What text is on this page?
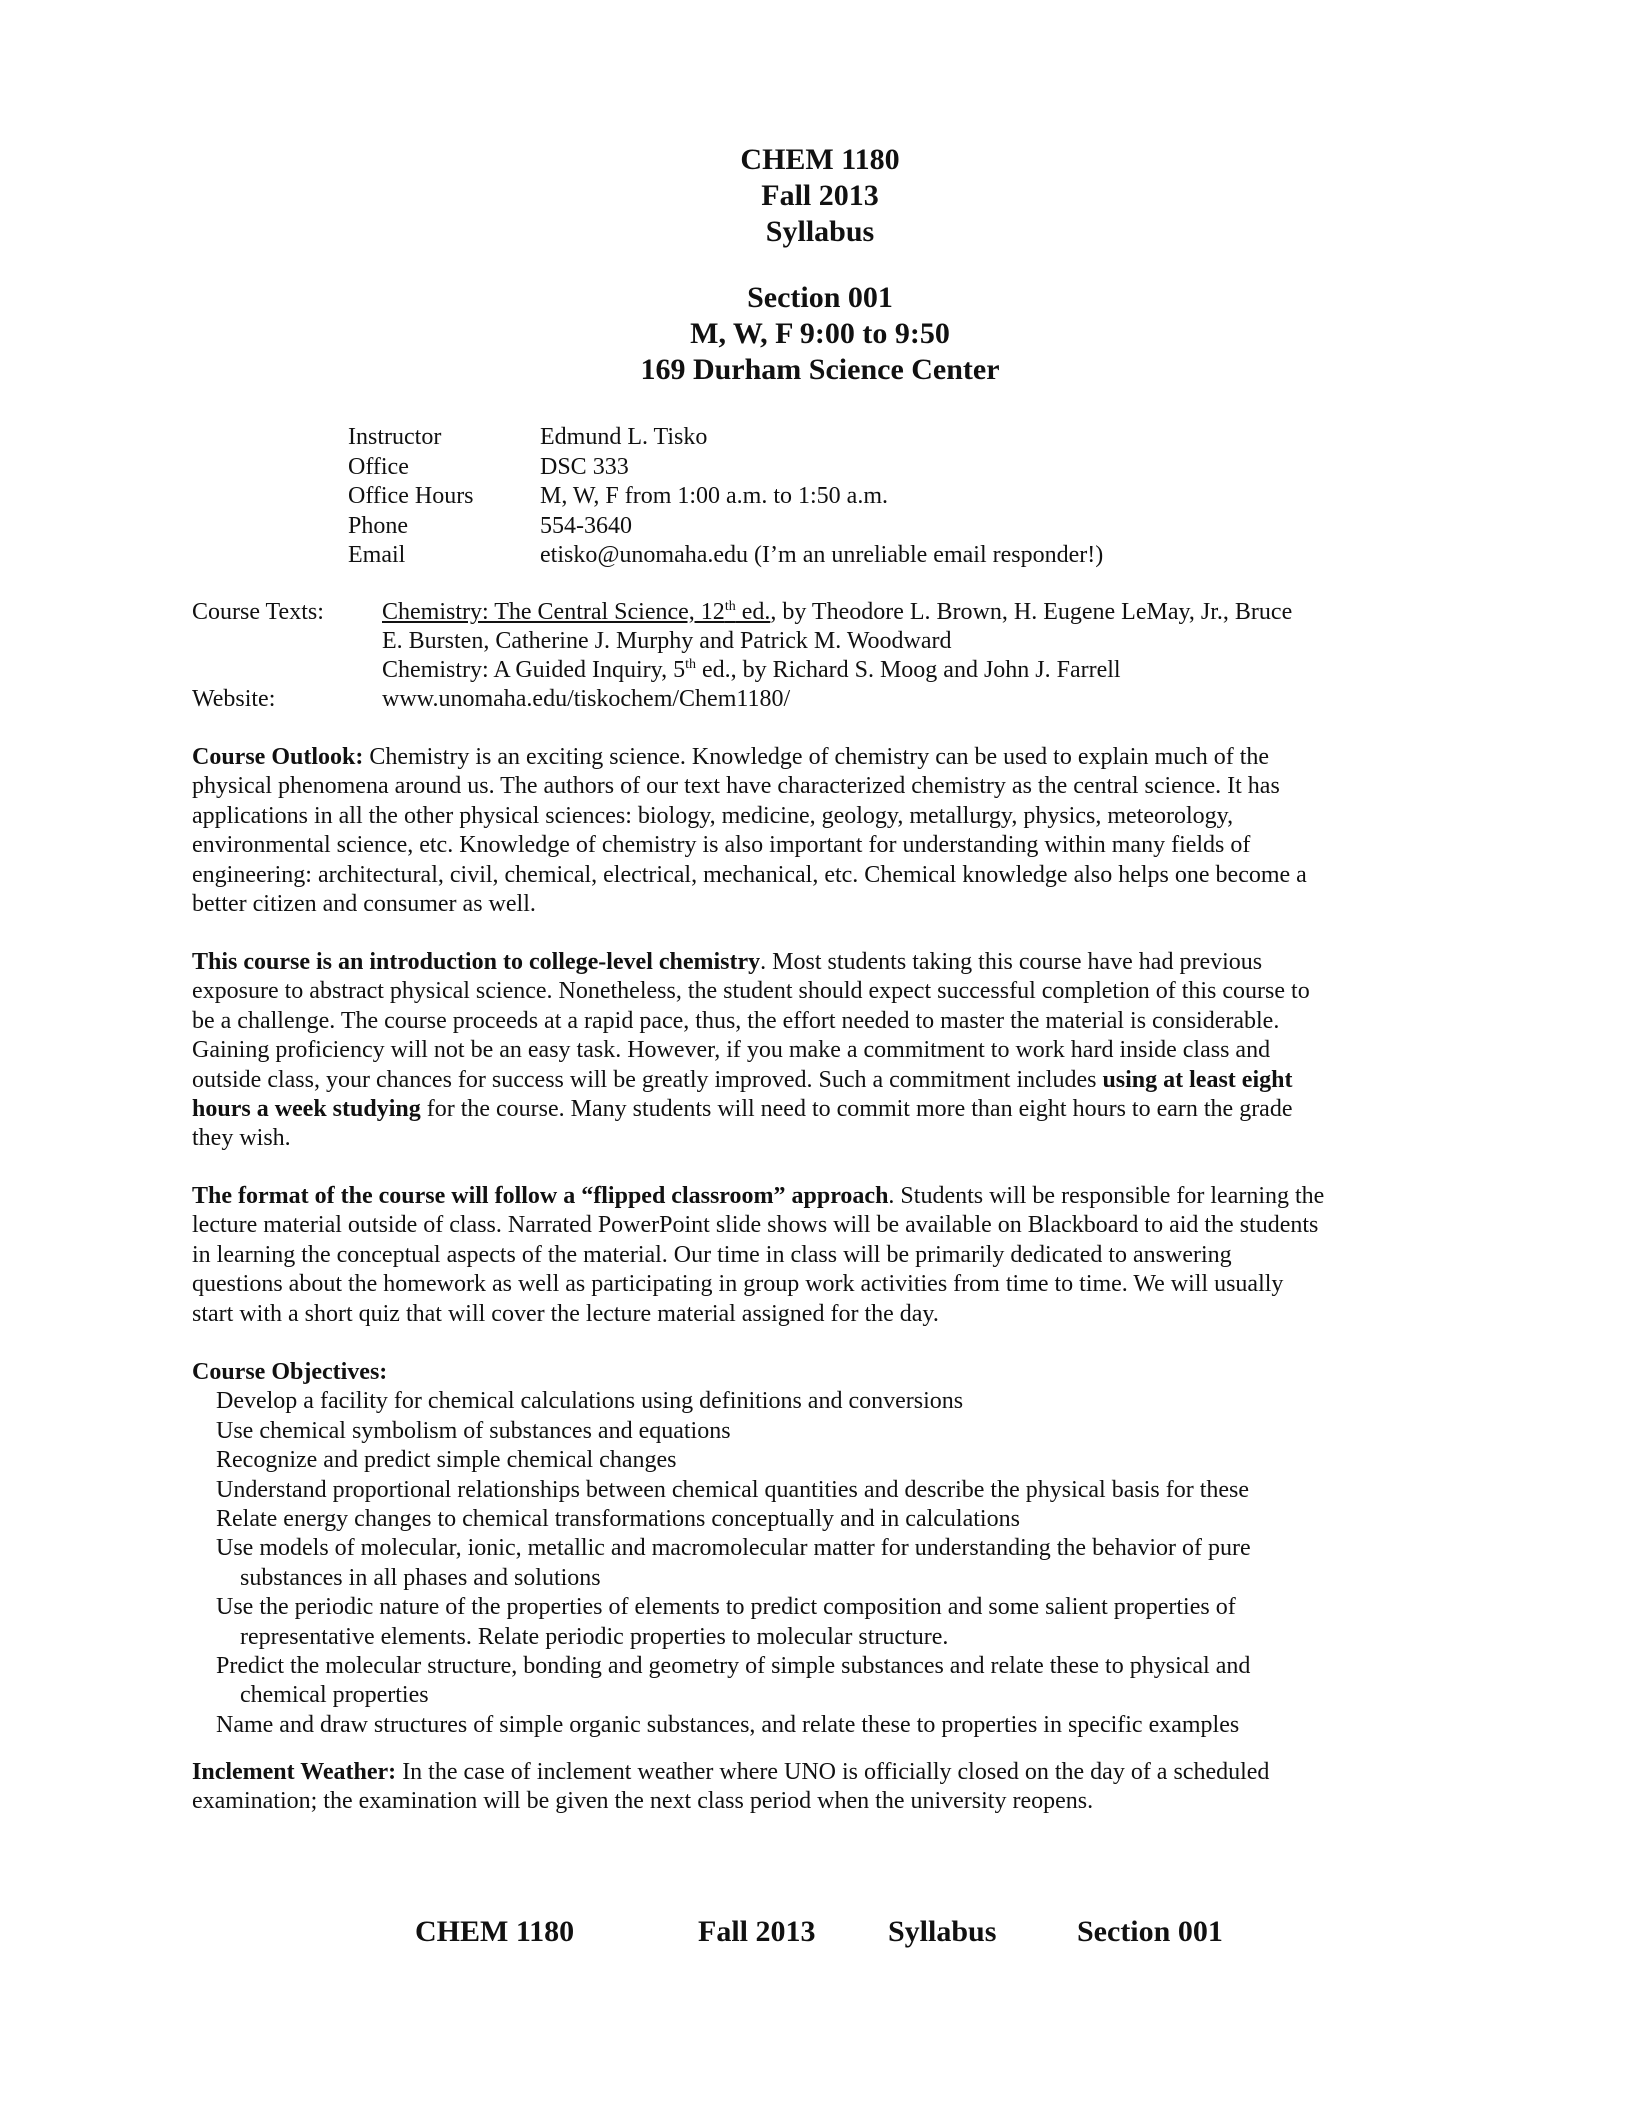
CHEM 1180
Fall 2013
Syllabus
Section 001
M, W, F 9:00 to 9:50
169 Durham Science Center
Instructor	Edmund L. Tisko
Office	DSC 333
Office Hours	M, W, F from 1:00 a.m. to 1:50 a.m.
Phone	554-3640
Email	etisko@unomaha.edu (I’m an unreliable email responder!)
Course Texts:	Chemistry: The Central Science, 12th ed., by Theodore L. Brown, H. Eugene LeMay, Jr., Bruce
E. Bursten, Catherine J. Murphy and Patrick M. Woodward
Chemistry: A Guided Inquiry, 5th ed., by Richard S. Moog and John J. Farrell
Website:	www.unomaha.edu/tiskochem/Chem1180/
Course Outlook: Chemistry is an exciting science. Knowledge of chemistry can be used to explain much of the
physical phenomena around us. The authors of our text have characterized chemistry as the central science. It has
applications in all the other physical sciences: biology, medicine, geology, metallurgy, physics, meteorology,
environmental science, etc. Knowledge of chemistry is also important for understanding within many fields of
engineering: architectural, civil, chemical, electrical, mechanical, etc. Chemical knowledge also helps one become a
better citizen and consumer as well.
This course is an introduction to college-level chemistry. Most students taking this course have had previous
exposure to abstract physical science. Nonetheless, the student should expect successful completion of this course to
be a challenge. The course proceeds at a rapid pace, thus, the effort needed to master the material is considerable.
Gaining proficiency will not be an easy task. However, if you make a commitment to work hard inside class and
outside class, your chances for success will be greatly improved. Such a commitment includes using at least eight
hours a week studying for the course. Many students will need to commit more than eight hours to earn the grade
they wish.
The format of the course will follow a “flipped classroom” approach. Students will be responsible for learning the
lecture material outside of class. Narrated PowerPoint slide shows will be available on Blackboard to aid the students
in learning the conceptual aspects of the material. Our time in class will be primarily dedicated to answering
questions about the homework as well as participating in group work activities from time to time. We will usually
start with a short quiz that will cover the lecture material assigned for the day.
Course Objectives:
Develop a facility for chemical calculations using definitions and conversions
Use chemical symbolism of substances and equations
Recognize and predict simple chemical changes
Understand proportional relationships between chemical quantities and describe the physical basis for these
Relate energy changes to chemical transformations conceptually and in calculations
Use models of molecular, ionic, metallic and macromolecular matter for understanding the behavior of pure
substances in all phases and solutions
Use the periodic nature of the properties of elements to predict composition and some salient properties of
representative elements. Relate periodic properties to molecular structure.
Predict the molecular structure, bonding and geometry of simple substances and relate these to physical and
chemical properties
Name and draw structures of simple organic substances, and relate these to properties in specific examples
Inclement Weather: In the case of inclement weather where UNO is officially closed on the day of a scheduled
examination; the examination will be given the next class period when the university reopens.
CHEM 1180	Fall 2013 Syllabus	Section 001
